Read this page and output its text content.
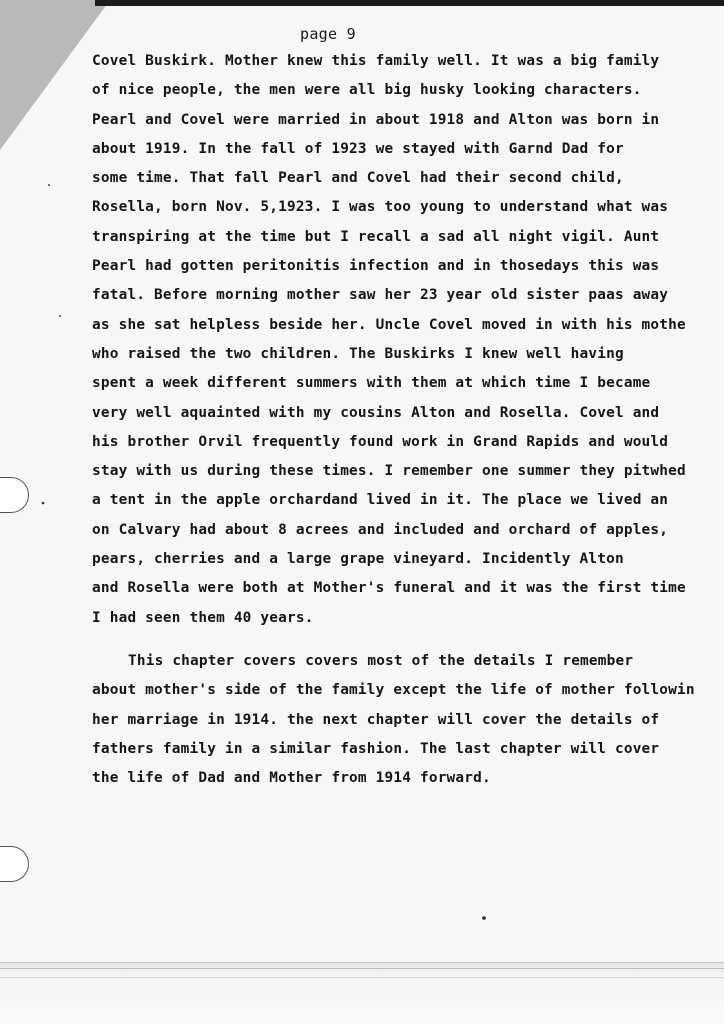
page 9
Covel Buskirk. Mother knew this family well. It was a big family
of nice people, the men were all big husky looking characters.
Pearl and Covel were married in about 1918 and Alton was born in
about 1919. In the fall of 1923 we stayed with Garnd Dad for
some time. That fall Pearl and Covel had their second child,
Rosella, born Nov. 5,1923. I was too young to understand what was
transpiring at the time but I recall a sad all night vigil. Aunt
Pearl had gotten peritonitis infection and in thosedays this was
fatal. Before morning mother saw her 23 year old sister paas away
as she sat helpless beside her. Uncle Covel moved in with his mothe
who raised the two children. The Buskirks I knew well having
spent a week different summers with them at which time I became
very well aquainted with my cousins Alton and Rosella. Covel and
his brother Orvil frequently found work in Grand Rapids and would
stay with us during these times. I remember one summer they pitwhed
a tent in the apple orchardand lived in it. The place we lived an
on Calvary had about 8 acrees and included and orchard of apples,
pears, cherries and a large grape vineyard. Incidently Alton
and Rosella were both at Mother's funeral and it was the first time
I had seen them 40 years.
This chapter covers covers most of the details I remember
about mother's side of the family except the life of mother followin
her marriage in 1914. the next chapter will cover the details of
fathers family in a similar fashion. The last chapter will cover
the life of Dad and Mother from 1914 forward.
